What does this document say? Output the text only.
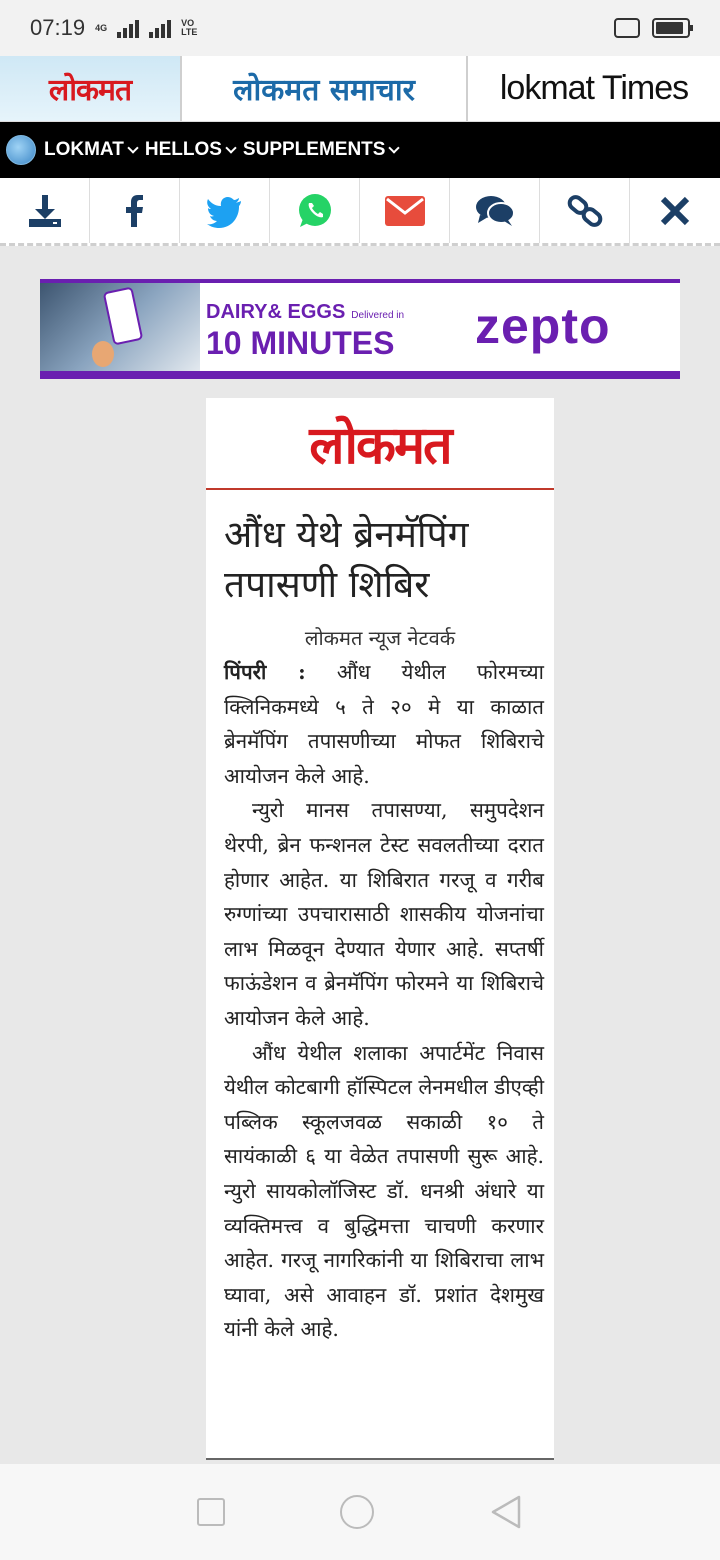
07:19 4G	VO LTE
लोकमत	लोकमत समाचार	lokmat Times
LOKMAT HELLOS SUPPLEMENTS
DAIRY& EGGS Delivered in
10 MINUTES	zepto
लोकमत
औंध येथे ब्रेनमॅपिंग तपासणी शिबिर
लोकमत न्यूज नेटवर्क

पिंपरी : औंध येथील फोरमच्या क्लिनिकमध्ये ५ ते २० मे या काळात ब्रेनमॅपिंग तपासणीच्या मोफत शिबिराचे आयोजन केले आहे.

न्युरो मानस तपासण्या, समुपदेशन थेरपी, ब्रेन फन्शनल टेस्ट सवलतीच्या दरात होणार आहेत. या शिबिरात गरजू व गरीब रुग्णांच्या उपचारासाठी शासकीय योजनांचा लाभ मिळवून देण्यात येणार आहे. सप्तर्षी फाऊंडेशन व ब्रेनमॅपिंग फोरमने या शिबिराचे आयोजन केले आहे.

औंध येथील शलाका अपार्टमेंट निवास येथील कोटबागी हॉस्पिटल लेनमधील डीएव्ही पब्लिक स्कूलजवळ सकाळी १० ते सायंकाळी ६ या वेळेत तपासणी सुरू आहे. न्युरो सायकोलॉजिस्ट डॉ. धनश्री अंधारे या व्यक्तिमत्त्व व बुद्धिमत्ता चाचणी करणार आहेत. गरजू नागरिकांनी या शिबिराचा लाभ घ्यावा, असे आवाहन डॉ. प्रशांत देशमुख यांनी केले आहे.
